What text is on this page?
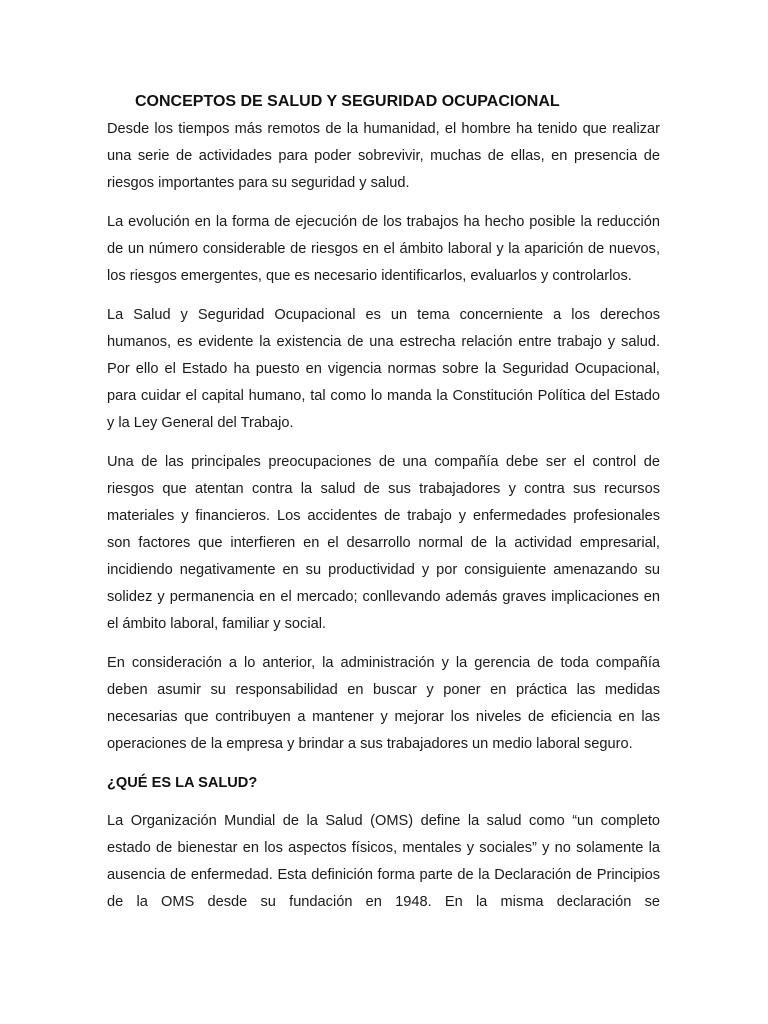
CONCEPTOS DE SALUD Y SEGURIDAD OCUPACIONAL

Desde los tiempos más remotos de la humanidad, el hombre ha tenido que realizar una serie de actividades para poder sobrevivir, muchas de ellas, en presencia de riesgos importantes para su seguridad y salud.

La evolución en la forma de ejecución de los trabajos ha hecho posible la reducción de un número considerable de riesgos en el ámbito laboral y la aparición de nuevos, los riesgos emergentes, que es necesario identificarlos, evaluarlos y controlarlos.

La Salud y Seguridad Ocupacional es un tema concerniente a los derechos humanos, es evidente la existencia de una estrecha relación entre trabajo y salud. Por ello el Estado ha puesto en vigencia normas sobre la Seguridad Ocupacional, para cuidar el capital humano, tal como lo manda la Constitución Política del Estado y la Ley General del Trabajo.

Una de las principales preocupaciones de una compañía debe ser el control de riesgos que atentan contra la salud de sus trabajadores y contra sus recursos materiales y financieros. Los accidentes de trabajo y enfermedades profesionales son factores que interfieren en el desarrollo normal de la actividad empresarial, incidiendo negativamente en su productividad y por consiguiente amenazando su solidez y permanencia en el mercado; conllevando además graves implicaciones en el ámbito laboral, familiar y social.

En consideración a lo anterior, la administración y la gerencia de toda compañía deben asumir su responsabilidad en buscar y poner en práctica las medidas necesarias que contribuyen a mantener y mejorar los niveles de eficiencia en las operaciones de la empresa y brindar a sus trabajadores un medio laboral seguro.

¿QUÉ ES LA SALUD?

La Organización Mundial de la Salud (OMS) define la salud como “un completo estado de bienestar en los aspectos físicos, mentales y sociales” y no solamente la ausencia de enfermedad. Esta definición forma parte de la Declaración de Principios de la OMS desde su fundación en 1948. En la misma declaración se
